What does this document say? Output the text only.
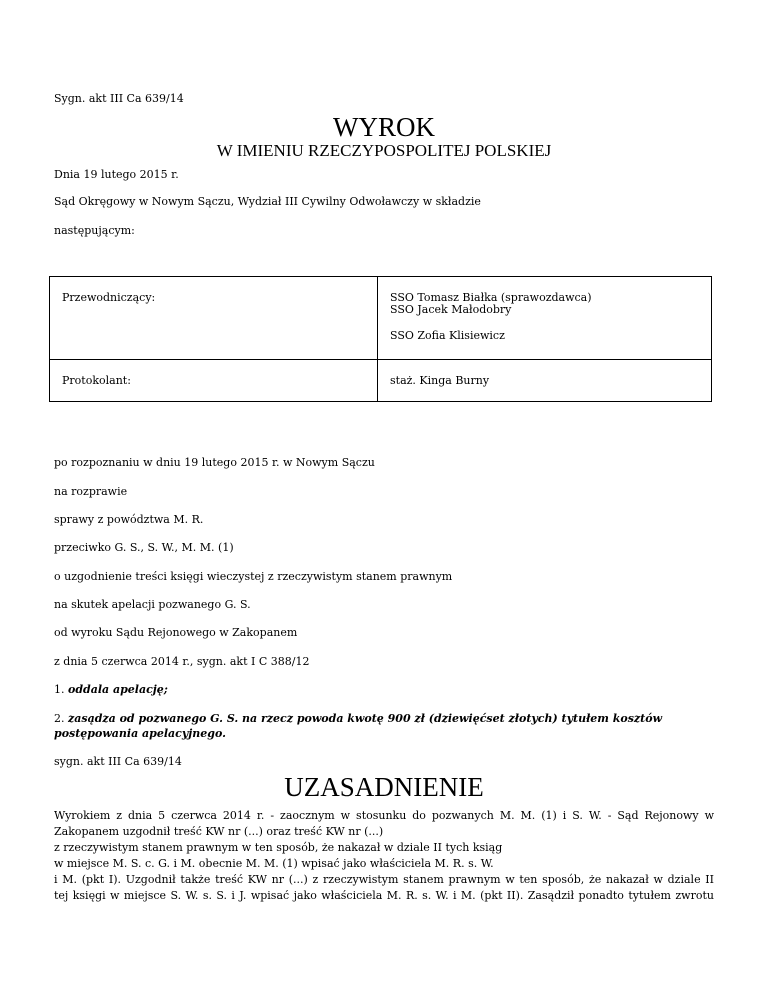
Sygn. akt III Ca 639/14
WYROK
W IMIENIU RZECZYPOSPOLITEJ POLSKIEJ
Dnia 19 lutego 2015 r.
Sąd Okręgowy w Nowym Sączu, Wydział III Cywilny Odwoławczy w składzie
następującym:
Przewodniczący:	SSO Tomasz Białka (sprawozdawca)
SSO Jacek Małodobry
SSO Zofia Klisiewicz

Protokolant:	staż. Kinga Burny
po rozpoznaniu w dniu 19 lutego 2015 r. w Nowym Sączu
na rozprawie
sprawy z powództwa M. R.
przeciwko G. S., S. W., M. M. (1)
o uzgodnienie treści księgi wieczystej z rzeczywistym stanem prawnym
na skutek apelacji pozwanego G. S.
od wyroku Sądu Rejonowego w Zakopanem
z dnia 5 czerwca 2014 r., sygn. akt I C 388/12
1. oddala apelację;
2. zasądza od pozwanego G. S. na rzecz powoda kwotę 900 zł (dziewięćset złotych) tytułem kosztów
postępowania apelacyjnego.
sygn. akt III Ca 639/14
UZASADNIENIE
Wyrokiem z dnia 5 czerwca 2014 r. - zaocznym w stosunku do pozwanych M. M. (1) i S. W. - Sąd Rejonowy w
Zakopanem uzgodnił treść KW nr (...) oraz treść KW nr (...)
z rzeczywistym stanem prawnym w ten sposób, że nakazał w dziale II tych ksiąg
w miejsce M. S. c. G. i M. obecnie M. M. (1) wpisać jako właściciela M. R. s. W.
i M. (pkt I). Uzgodnił także treść KW nr (...) z rzeczywistym stanem prawnym w ten sposób, że nakazał w dziale II
tej księgi w miejsce S. W. s. S. i J. wpisać jako właściciela M. R. s. W. i M. (pkt II). Zasądził ponadto tytułem zwrotu
